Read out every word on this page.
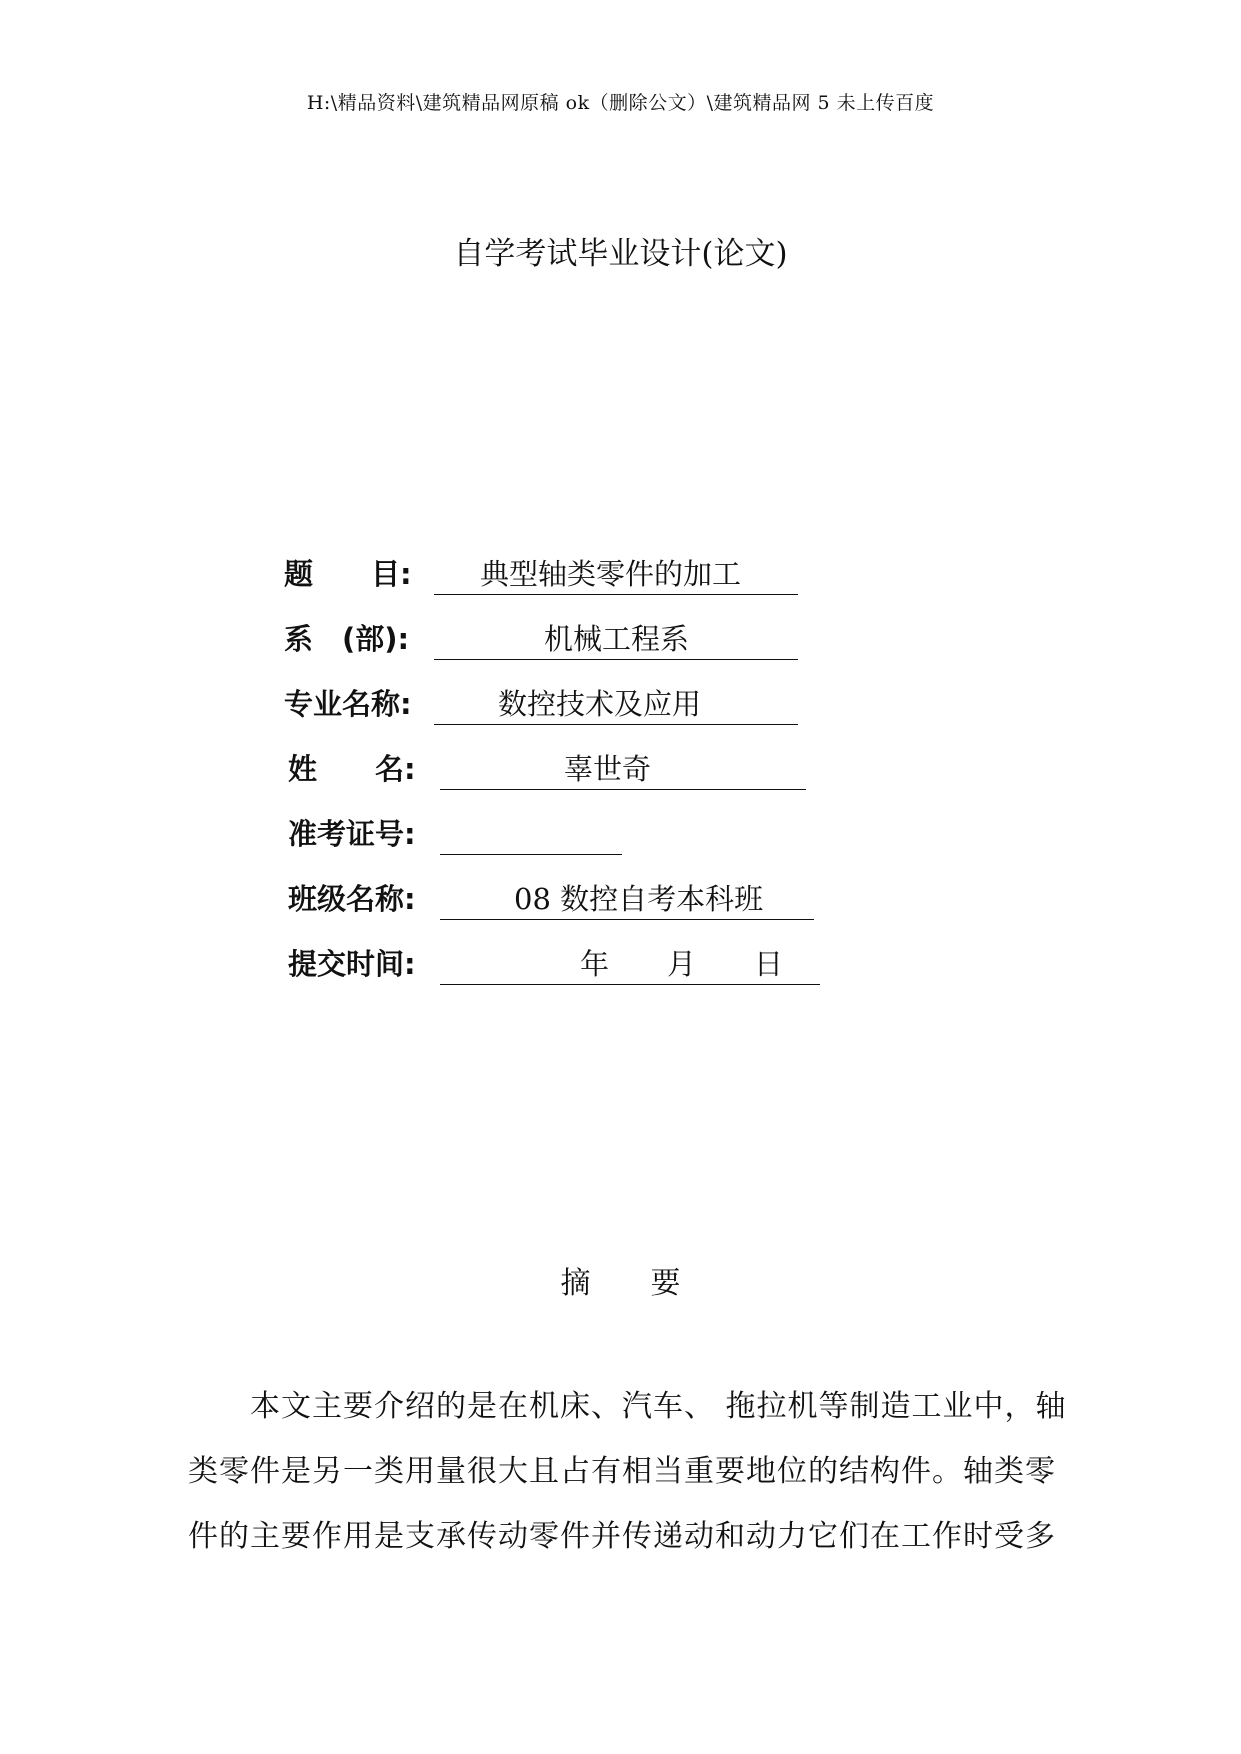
H:\精品资料\建筑精品网原稿 ok（删除公文）\建筑精品网 5 未上传百度
自学考试毕业设计(论文)
题　　目: 典型轴类零件的加工
系　(部):	机械工程系
专业名称:	数控技术及应用
姓　　名:	辜世奇
准考证号:
班级名称:	08 数控自考本科班
提交时间:	年　　月　　日
摘　　要
　　本文主要介绍的是在机床、汽车、 拖拉机等制造工业中，轴
类零件是另一类用量很大且占有相当重要地位的结构件。轴类零
件的主要作用是支承传动零件并传递动和动力它们在工作时受多
